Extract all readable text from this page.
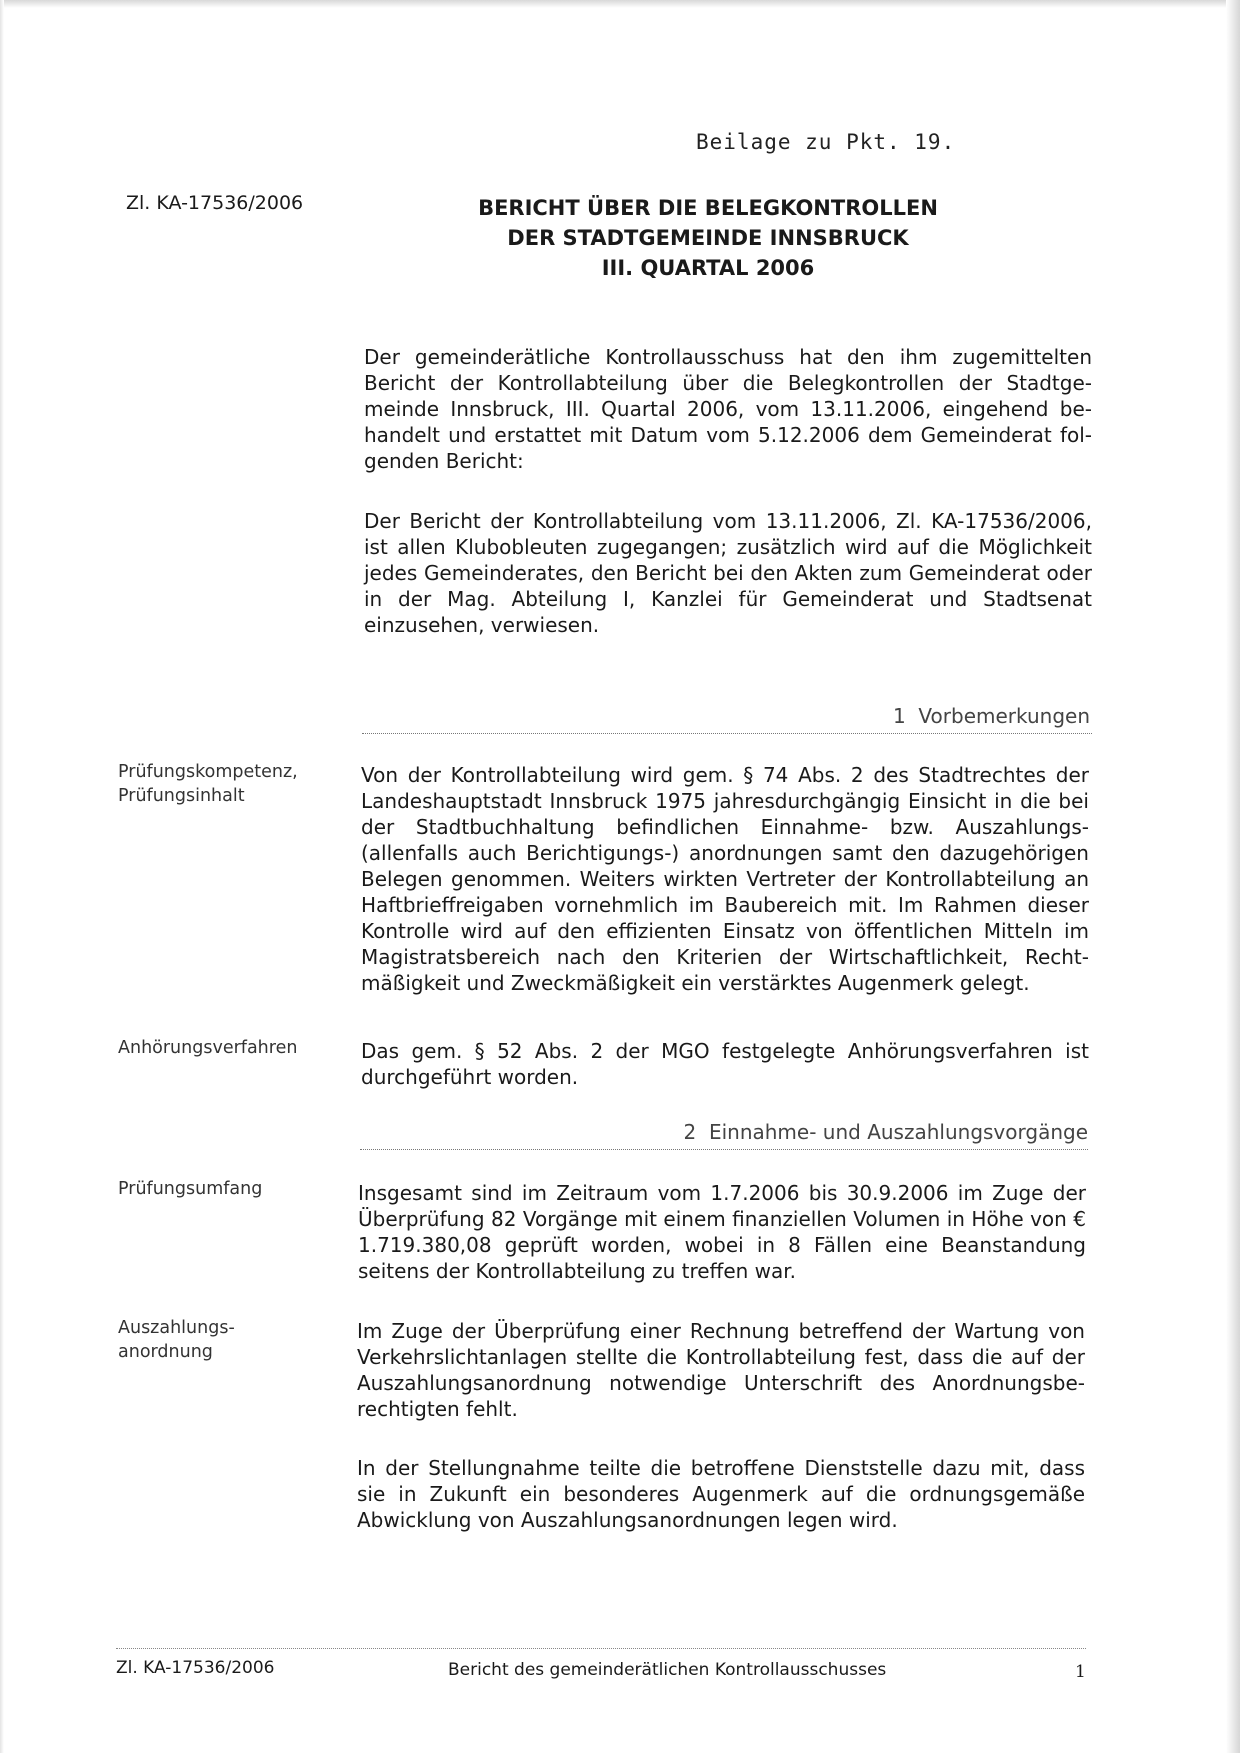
Beilage zu Pkt. 19.
Zl. KA-17536/2006	BERICHT ÜBER DIE BELEGKONTROLLEN
DER STADTGEMEINDE INNSBRUCK
III. QUARTAL 2006
Der gemeinderätliche Kontrollausschuss hat den ihm zugemittelten Bericht der Kontrollabteilung über die Belegkontrollen der Stadtgemeinde Innsbruck, III. Quartal 2006, vom 13.11.2006, eingehend behandelt und erstattet mit Datum vom 5.12.2006 dem Gemeinderat folgenden Bericht:
Der Bericht der Kontrollabteilung vom 13.11.2006, Zl. KA-17536/2006, ist allen Klubobleuten zugegangen; zusätzlich wird auf die Möglichkeit jedes Gemeinderates, den Bericht bei den Akten zum Gemeinderat oder in der Mag. Abteilung I, Kanzlei für Gemeinderat und Stadtsenat einzusehen, verwiesen.
1  Vorbemerkungen
Prüfungskompetenz,
Prüfungsinhalt
Von der Kontrollabteilung wird gem. § 74 Abs. 2 des Stadtrechtes der Landeshauptstadt Innsbruck 1975 jahresdurchgängig Einsicht in die bei der Stadtbuchhaltung befindlichen Einnahme- bzw. Auszahlungs- (allenfalls auch Berichtigungs-) anordnungen samt den dazugehörigen Belegen genommen. Weiters wirkten Vertreter der Kontrollabteilung an Haftbrieffreigaben vornehmlich im Baubereich mit. Im Rahmen dieser Kontrolle wird auf den effizienten Einsatz von öffentlichen Mitteln im Magistratsbereich nach den Kriterien der Wirtschaftlichkeit, Rechtmäßigkeit und Zweckmäßigkeit ein verstärktes Augenmerk gelegt.
Anhörungsverfahren	Das gem. § 52 Abs. 2 der MGO festgelegte Anhörungsverfahren ist durchgeführt worden.
2  Einnahme- und Auszahlungsvorgänge
Prüfungsumfang	Insgesamt sind im Zeitraum vom 1.7.2006 bis 30.9.2006 im Zuge der Überprüfung 82 Vorgänge mit einem finanziellen Volumen in Höhe von € 1.719.380,08 geprüft worden, wobei in 8 Fällen eine Beanstandung seitens der Kontrollabteilung zu treffen war.
Auszahlungs-
anordnung
Im Zuge der Überprüfung einer Rechnung betreffend der Wartung von Verkehrslichtanlagen stellte die Kontrollabteilung fest, dass die auf der Auszahlungsanordnung notwendige Unterschrift des Anordnungsberechtigten fehlt.
In der Stellungnahme teilte die betroffene Dienststelle dazu mit, dass sie in Zukunft ein besonderes Augenmerk auf die ordnungsgemäße Abwicklung von Auszahlungsanordnungen legen wird.
Zl. KA-17536/2006	Bericht des gemeinderätlichen Kontrollausschusses	1
